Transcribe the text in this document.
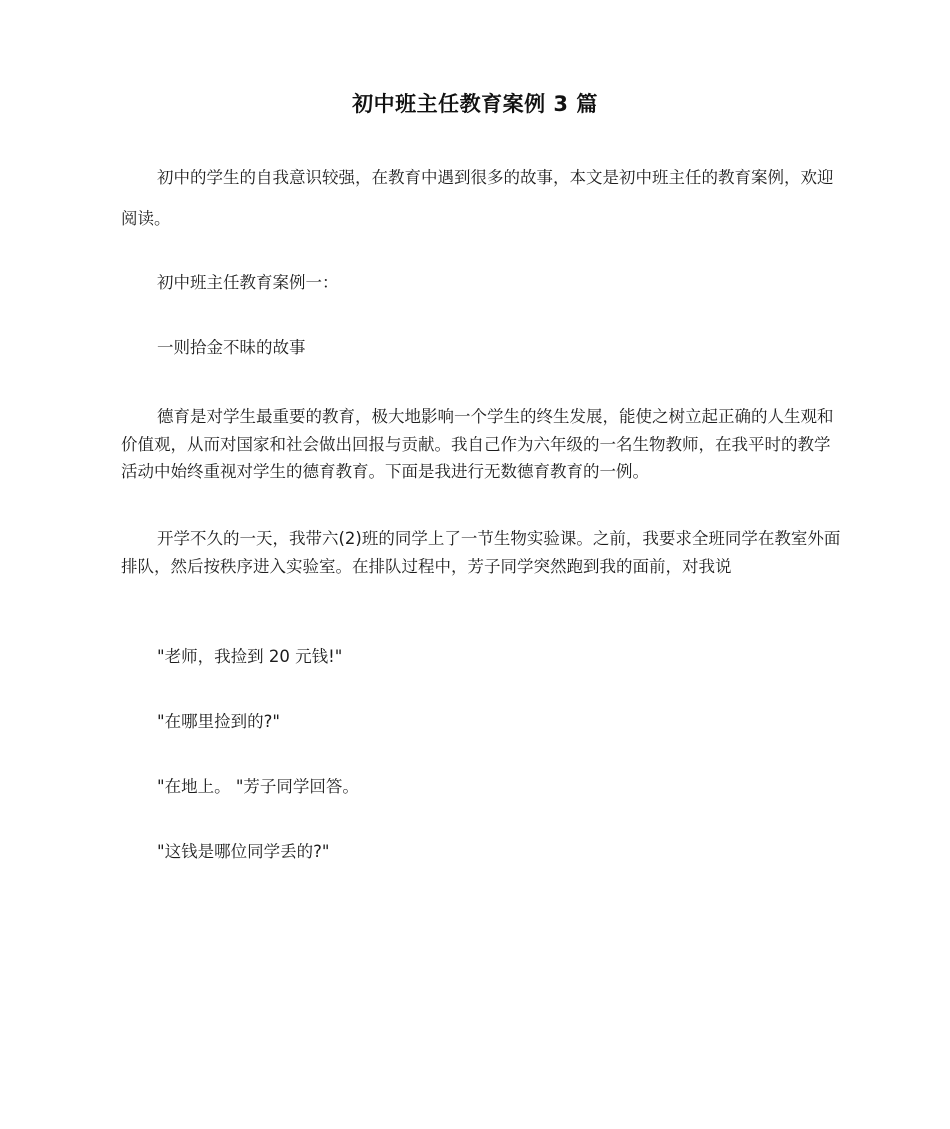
初中班主任教育案例 3 篇

初中的学生的自我意识较强，在教育中遇到很多的故事，本文是初中班主任的教育案例，欢迎阅读。

初中班主任教育案例一：

一则拾金不昧的故事

德育是对学生最重要的教育，极大地影响一个学生的终生发展，能使之树立起正确的人生观和价值观，从而对国家和社会做出回报与贡献。我自己作为六年级的一名生物教师，在我平时的教学活动中始终重视对学生的德育教育。下面是我进行无数德育教育的一例。

开学不久的一天，我带六(2)班的同学上了一节生物实验课。之前，我要求全班同学在教室外面排队，然后按秩序进入实验室。在排队过程中，芳子同学突然跑到我的面前，对我说

"老师，我捡到 20 元钱!"

"在哪里捡到的?"

"在地上。 "芳子同学回答。

"这钱是哪位同学丢的?"
